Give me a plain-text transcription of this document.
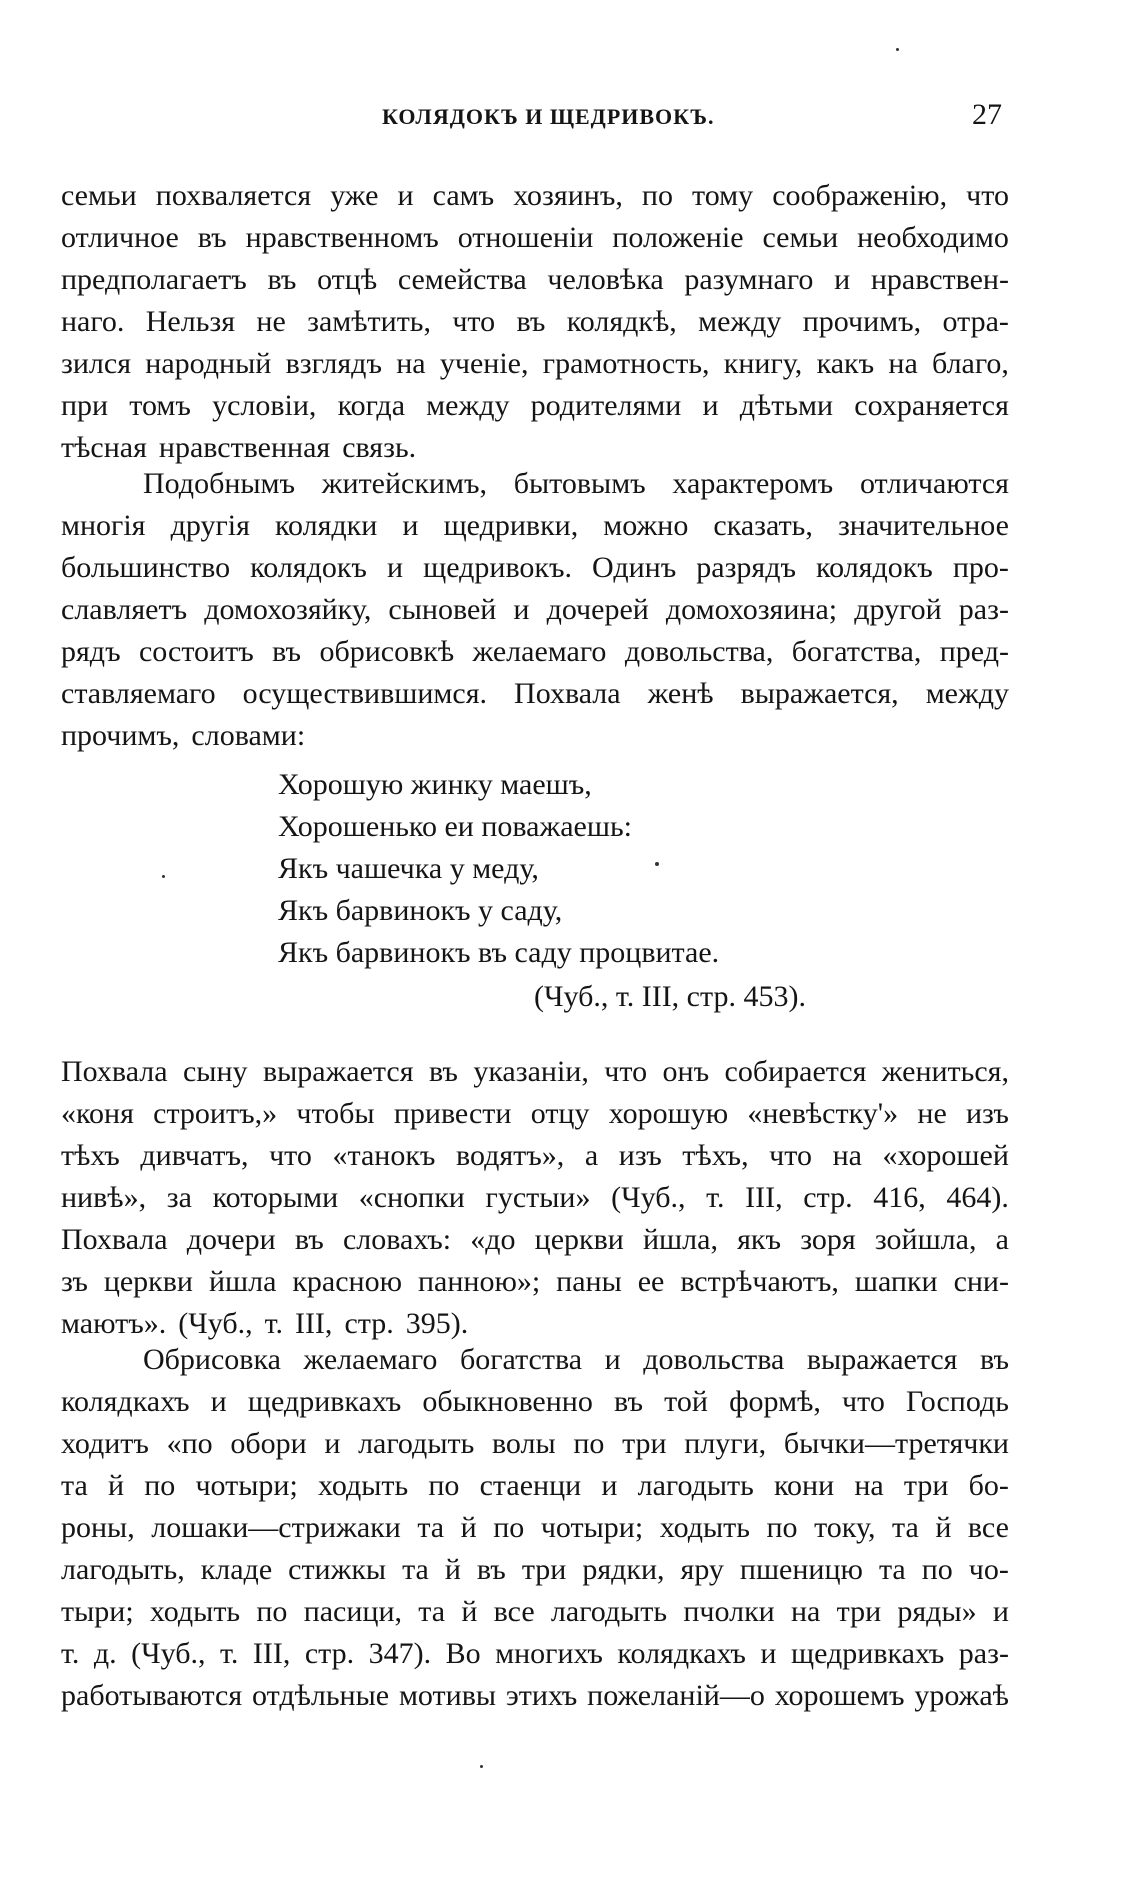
КОЛЯДОКЪ И ЩЕДРИВОКЪ.	27
семьи похваляется уже и самъ хозяинъ, по тому соображенію, что
отличное въ нравственномъ отношеніи положеніе семьи необходимо
предполагаетъ въ отцѣ семейства человѣка разумнаго и нравствен-
наго. Нельзя не замѣтить, что въ колядкѣ, между прочимъ, отра-
зился народный взглядъ на ученіе, грамотность, книгу, какъ на благо,
при томъ условіи, когда между родителями и дѣтьми сохраняется
тѣсная нравственная связь.
Подобнымъ житейскимъ, бытовымъ характеромъ отличаются
многія другія колядки и щедривки, можно сказать, значительное
большинство колядокъ и щедривокъ. Одинъ разрядъ колядокъ про-
славляетъ домохозяйку, сыновей и дочерей домохозяина; другой раз-
рядъ состоитъ въ обрисовкѣ желаемаго довольства, богатства, пред-
ставляемаго осуществившимся. Похвала женѣ выражается, между
прочимъ, словами:
Хорошую жинку маешъ,
Хорошенько еи поважаешь:
Якъ чашечка у меду,
Якъ барвинокъ у саду,
Якъ барвинокъ въ саду процвитае.
(Чуб., т. III, стр. 453).
Похвала сыну выражается въ указаніи, что онъ собирается жениться,
«коня строитъ,» чтобы привести отцу хорошую «невѣстку'» не изъ
тѣхъ дивчатъ, что «танокъ водятъ», а изъ тѣхъ, что на «хорошей
нивѣ», за которыми «снопки густыи» (Чуб., т. III, стр. 416, 464).
Похвала дочери въ словахъ: «до церкви йшла, якъ зоря зойшла, а
зъ церкви йшла красною панною»; паны ее встрѣчаютъ, шапки сни-
маютъ». (Чуб., т. III, стр. 395).
Обрисовка желаемаго богатства и довольства выражается въ
колядкахъ и щедривкахъ обыкновенно въ той формѣ, что Господь
ходитъ «по обори и лагодыть волы по три плуги, бычки—третячки
та й по чотыри; ходыть по стаенци и лагодыть кони на три бо-
роны, лошаки—стрижаки та й по чотыри; ходыть по току, та й все
лагодыть, кладе стижкы та й въ три рядки, яру пшеницю та по чо-
тыри; ходыть по пасици, та й все лагодыть пчолки на три ряды» и
т. д. (Чуб., т. III, стр. 347). Во многихъ колядкахъ и щедривкахъ раз-
работываются отдѣльные мотивы этихъ пожеланій—о хорошемъ урожаѣ
